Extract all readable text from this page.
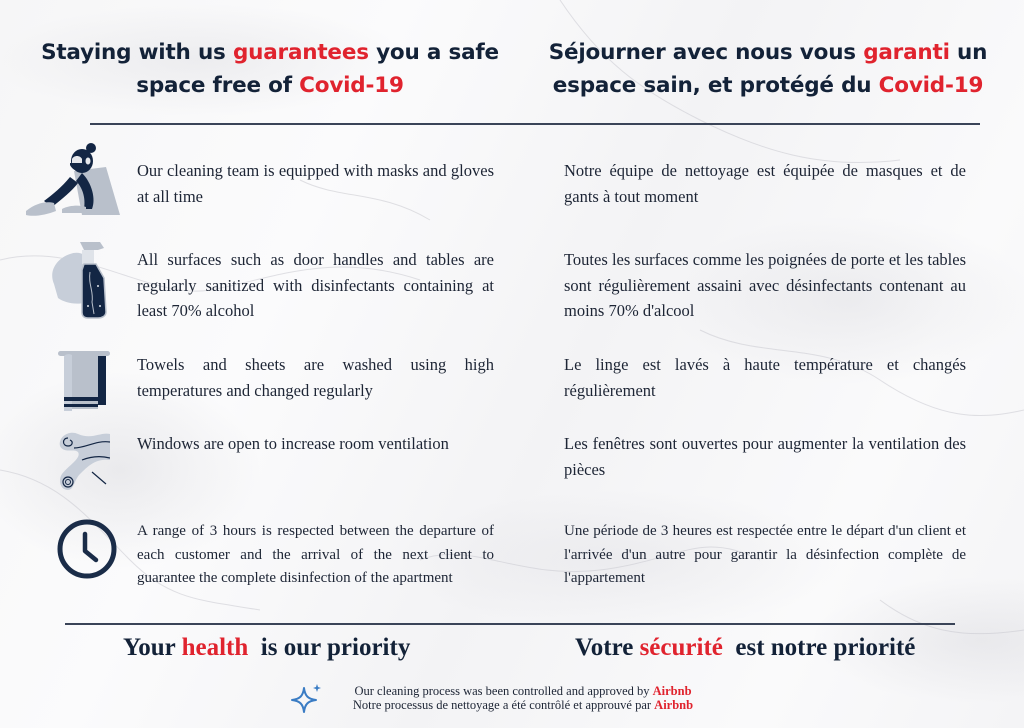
Staying with us guarantees you a safe space free of Covid-19
Séjourner avec nous vous garanti un espace sain, et protégé du Covid-19
Our cleaning team is equipped with masks and gloves at all time
All surfaces such as door handles and tables are regularly sanitized with disinfectants containing at least 70% alcohol
Towels and sheets are washed using high temperatures and changed regularly
Windows are open to increase room ventilation
A range of 3 hours is respected between the departure of each customer and the arrival of the next client to guarantee the complete disinfection of the apartment
Notre équipe de nettoyage est équipée de masques et de gants à tout moment
Toutes les surfaces comme les poignées de porte et les tables sont régulièrement assaini avec désinfectants contenant au moins 70% d'alcool
Le linge est lavés à haute température et changés régulièrement
Les fenêtres sont ouvertes pour augmenter la ventilation des pièces
Une période de 3 heures est respectée entre le départ d'un client et l'arrivée d'un autre pour garantir la désinfection complète de l'appartement
Your health  is our priority	Votre sécurité  est notre priorité
Our cleaning process was been controlled and approved by Airbnb
Notre processus de nettoyage a été contrôlé et approuvé par Airbnb
